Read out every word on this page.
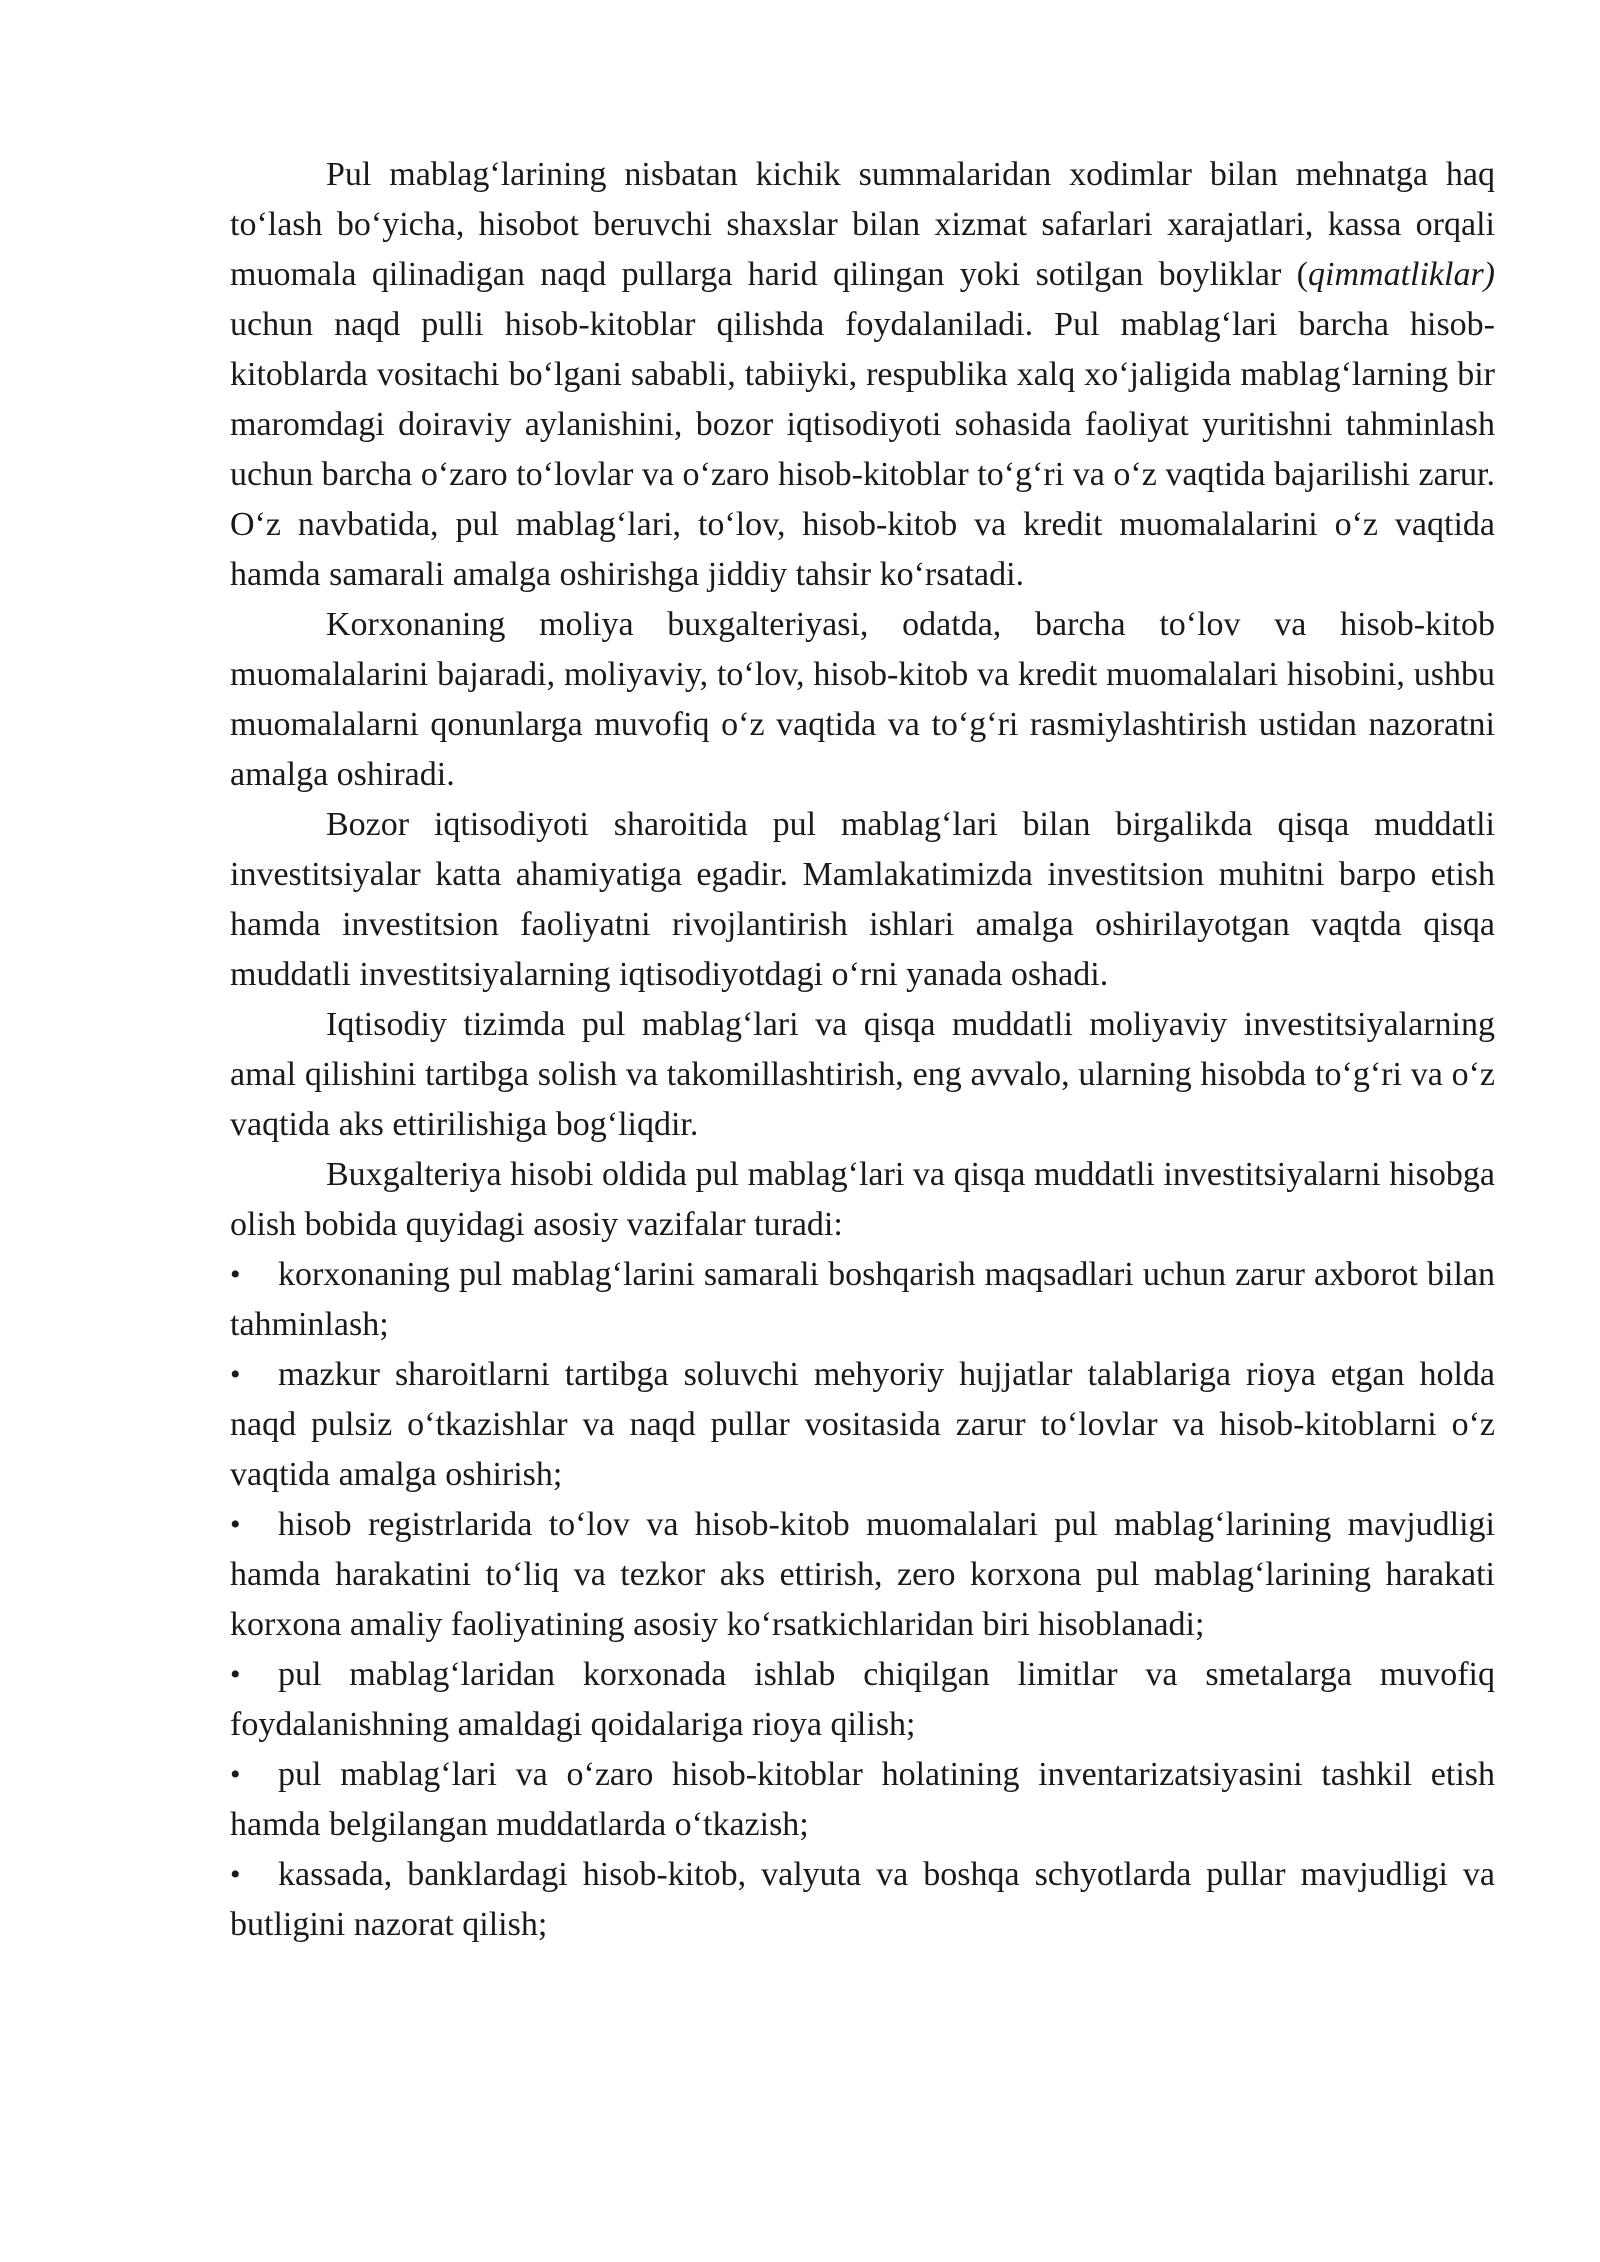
Pul mablag‘larining nisbatan kichik summalaridan xodimlar bilan mehnatga haq to‘lash bo‘yicha, hisobot beruvchi shaxslar bilan xizmat safarlari xarajatlari, kassa orqali muomala qilinadigan naqd pullarga harid qilingan yoki sotilgan boyliklar (qimmatliklar) uchun naqd pulli hisob-kitoblar qilishda foydalaniladi. Pul mablag‘lari barcha hisob-kitoblarda vositachi bo‘lgani sababli, tabiiyki, respublika xalq xo‘jaligida mablag‘larning bir maromdagi doiraviy aylanishini, bozor iqtisodiyoti sohasida faoliyat yuritishni tahminlash uchun barcha o‘zaro to‘lovlar va o‘zaro hisob-kitoblar to‘g‘ri va o‘z vaqtida bajarilishi zarur. O‘z navbatida, pul mablag‘lari, to‘lov, hisob-kitob va kredit muomalalarini o‘z vaqtida hamda samarali amalga oshirishga jiddiy tahsir ko‘rsatadi.

Korxonaning moliya buxgalteriyasi, odatda, barcha to‘lov va hisob-kitob muomalalarini bajaradi, moliyaviy, to‘lov, hisob-kitob va kredit muomalalari hisobini, ushbu muomalalarni qonunlarga muvofiq o‘z vaqtida va to‘g‘ri rasmiylashtirish ustidan nazoratni amalga oshiradi.

Bozor iqtisodiyoti sharoitida pul mablag‘lari bilan birgalikda qisqa muddatli investitsiyalar katta ahamiyatiga egadir. Mamlakatimizda investitsion muhitni barpo etish hamda investitsion faoliyatni rivojlantirish ishlari amalga oshirilayotgan vaqtda qisqa muddatli investitsiyalarning iqtisodiyotdagi o‘rni yanada oshadi.

Iqtisodiy tizimda pul mablag‘lari va qisqa muddatli moliyaviy investitsiyalarning amal qilishini tartibga solish va takomillashtirish, eng avvalo, ularning hisobda to‘g‘ri va o‘z vaqtida aks ettirilishiga bog‘liqdir.

Buxgalteriya hisobi oldida pul mablag‘lari va qisqa muddatli investitsiyalarni hisobga olish bobida quyidagi asosiy vazifalar turadi:

• korxonaning pul mablag‘larini samarali boshqarish maqsadlari uchun zarur axborot bilan tahminlash;

• mazkur sharoitlarni tartibga soluvchi mehyoriy hujjatlar talablariga rioya etgan holda naqd pulsiz o‘tkazishlar va naqd pullar vositasida zarur to‘lovlar va hisob-kitoblarni o‘z vaqtida amalga oshirish;

• hisob registrlarida to‘lov va hisob-kitob muomalalari pul mablag‘larining mavjudligi hamda harakatini to‘liq va tezkor aks ettirish, zero korxona pul mablag‘larining harakati korxona amaliy faoliyatining asosiy ko‘rsatkichlaridan biri hisoblanadi;

• pul mablag‘laridan korxonada ishlab chiqilgan limitlar va smetalarga muvofiq foydalanishning amaldagi qoidalariga rioya qilish;

• pul mablag‘lari va o‘zaro hisob-kitoblar holatining inventarizatsiyasini tashkil etish hamda belgilangan muddatlarda o‘tkazish;

• kassada, banklardagi hisob-kitob, valyuta va boshqa schyotlarda pullar mavjudligi va butligini nazorat qilish;
